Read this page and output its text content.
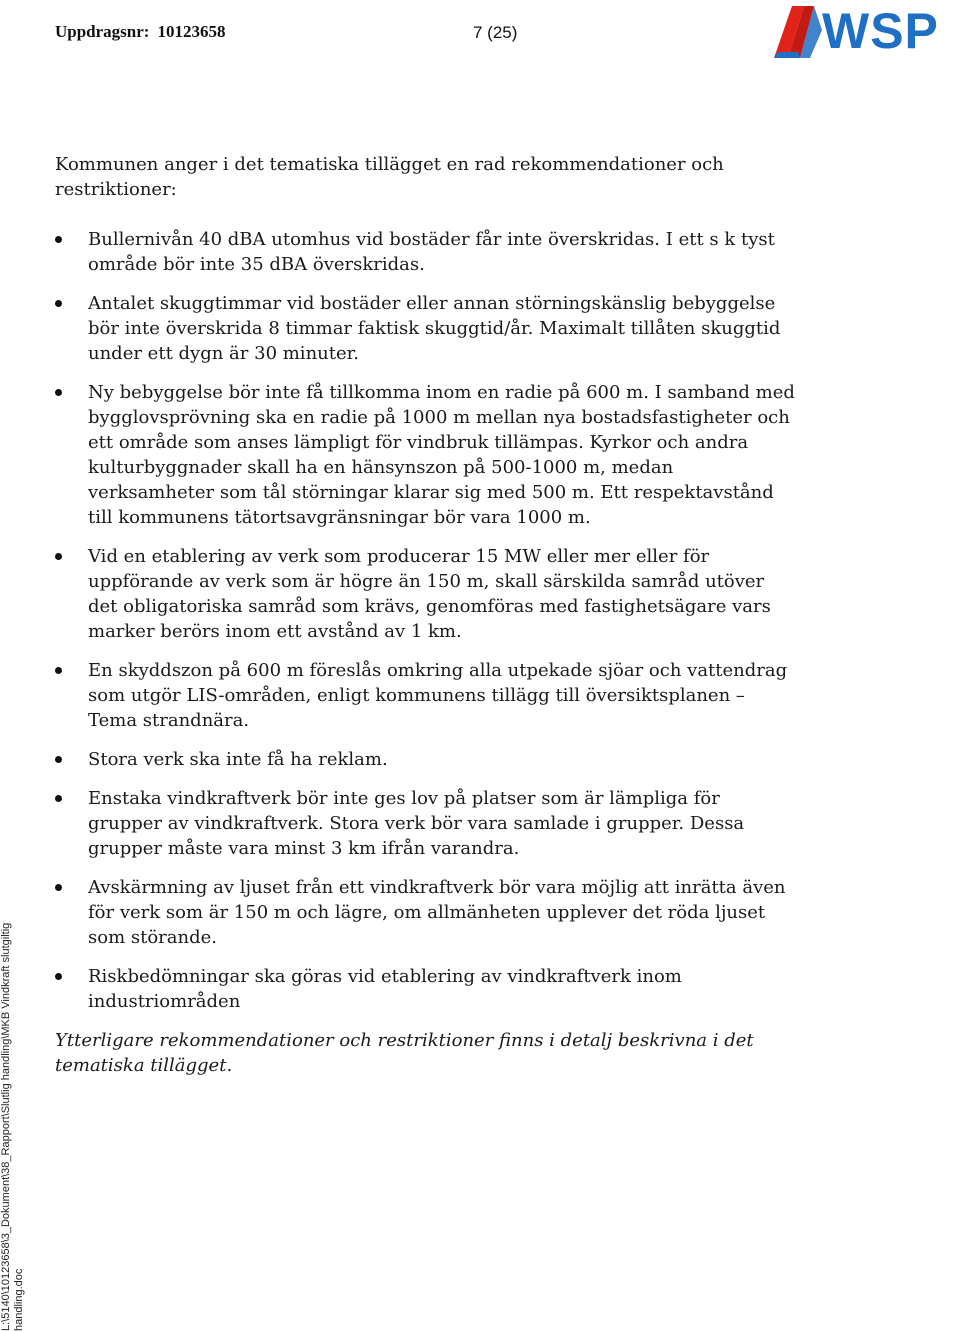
Uppdragsnr: 10123658	7 (25)	WSP

Kommunen anger i det tematiska tillägget en rad rekommendationer och restriktioner:

Bullernivån 40 dBA utomhus vid bostäder får inte överskridas. I ett s k tyst område bör inte 35 dBA överskridas.
Antalet skuggtimmar vid bostäder eller annan störningskänslig bebyggelse bör inte överskrida 8 timmar faktisk skuggtid/år. Maximalt tillåten skuggtid under ett dygn är 30 minuter.
Ny bebyggelse bör inte få tillkomma inom en radie på 600 m. I samband med bygglovsprövning ska en radie på 1000 m mellan nya bostadsfastigheter och ett område som anses lämpligt för vindbruk tillämpas. Kyrkor och andra kulturbyggnader skall ha en hänsynszon på 500-1000 m, medan verksamheter som tål störningar klarar sig med 500 m. Ett respektavstånd till kommunens tätortsavgränsningar bör vara 1000 m.
Vid en etablering av verk som producerar 15 MW eller mer eller för uppförande av verk som är högre än 150 m, skall särskilda samråd utöver det obligatoriska samråd som krävs, genomföras med fastighetsägare vars marker berörs inom ett avstånd av 1 km.
En skyddszon på 600 m föreslås omkring alla utpekade sjöar och vattendrag som utgör LIS-områden, enligt kommunens tillägg till översiktsplanen – Tema strandnära.
Stora verk ska inte få ha reklam.
Enstaka vindkraftverk bör inte ges lov på platser som är lämpliga för grupper av vindkraftverk. Stora verk bör vara samlade i grupper. Dessa grupper måste vara minst 3 km ifrån varandra.
Avskärmning av ljuset från ett vindkraftverk bör vara möjlig att inrätta även för verk som är 150 m och lägre, om allmänheten upplever det röda ljuset som störande.
Riskbedömningar ska göras vid etablering av vindkraftverk inom industriområden

Ytterligare rekommendationer och restriktioner finns i detalj beskrivna i det tematiska tillägget.

L:\5140\10123658\3_Dokument\38_Rapport\Slutlig handling\MKB Vindkraft slutgiltig handling.doc
